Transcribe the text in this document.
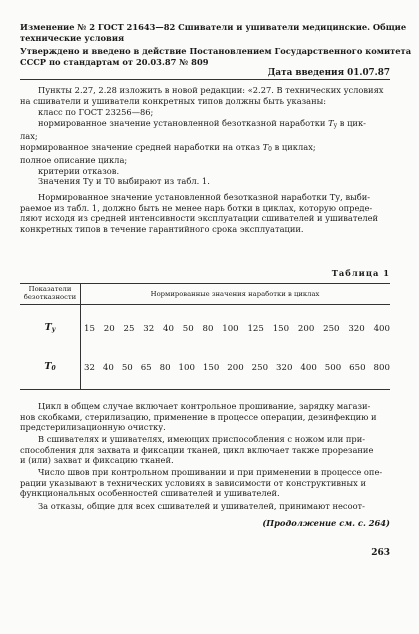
Изменение № 2 ГОСТ 21643—82 Сшиватели и ушиватели медицинские. Общие
технические условия
Утверждено и введено в действие Постановлением Государственного комитета
СССР по стандартам от 20.03.87 № 809
Дата введения 01.07.87
Пункты 2.27, 2.28 изложить в новой редакции: «2.27. В технических условиях
на сшиватели и ушиватели конкретных типов должны быть указаны:
класс по ГОСТ 23256—86;
нормированное значение установленной безотказной наработки Tу в цик-
лах;
нормированное значение средней наработки на отказ T0 в циклах;
полное описание цикла;
критерии отказов.
Значения Tу и T0 выбирают из табл. 1.
Нормированное значение установленной безотказной наработки Tу, выби-
раемое из табл. 1, должно быть не менее нарь ботки в циклах, которую опреде-
ляют исходя из средней интенсивности эксплуатации сшивателей и ушивателей
конкретных типов в течение гарантийного срока эксплуатации.
Таблица 1
Показатели
безотказности	Нормированные значения наработки в циклах
Tу	15 20 25 32 40 50 80 100 125 150 200 250 320 400
T0	32 40 50 65 80 100 150 200 250 320 400 500 650 800
Цикл в общем случае включает контрольное прошивание, зарядку магази-
нов скобками, стерилизацию, применение в процессе операции, дезинфекцию и
предстерилизационную очистку.
В сшивателях и ушивателях, имеющих приспособления с ножом или при-
способления для захвата и фиксации тканей, цикл включает также прорезание
и (или) захват и фиксацию тканей.
Число швов при контрольном прошивании и при применении в процессе опе-
рации указывают в технических условиях в зависимости от конструктивных и
функциональных особенностей сшивателей и ушивателей.
За отказы, общие для всех сшивателей и ушивателей, принимают несоот-
(Продолжение см. с. 264)
263
